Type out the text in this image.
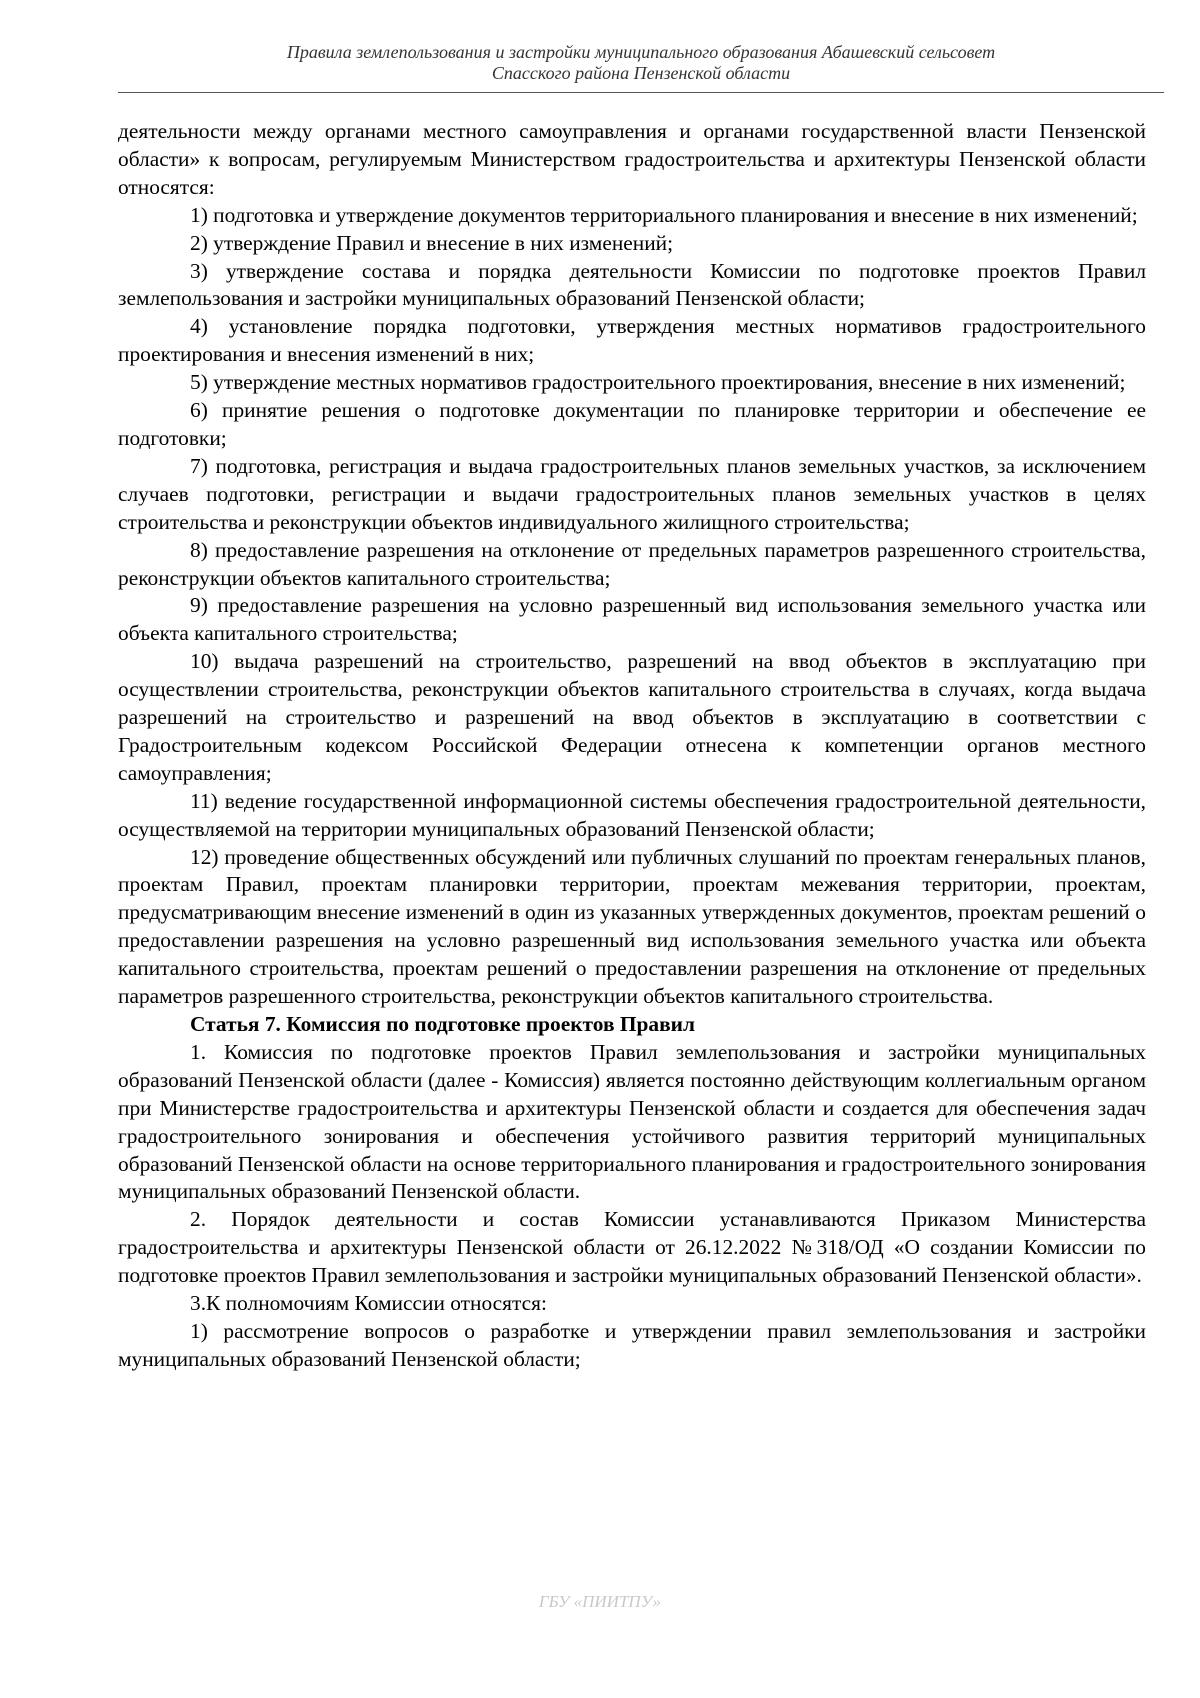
Правила землепользования и застройки муниципального образования Абашевский сельсовет
Спасского района Пензенской области

деятельности между органами местного самоуправления и органами государственной власти Пензенской области» к вопросам, регулируемым Министерством градостроительства и архитектуры Пензенской области относятся:

1) подготовка и утверждение документов территориального планирования и внесение в них изменений;

2) утверждение Правил и внесение в них изменений;

3) утверждение состава и порядка деятельности Комиссии по подготовке проектов Правил землепользования и застройки муниципальных образований Пензенской области;

4) установление порядка подготовки, утверждения местных нормативов градостроительного проектирования и внесения изменений в них;

5) утверждение местных нормативов градостроительного проектирования, внесение в них изменений;

6) принятие решения о подготовке документации по планировке территории и обеспечение ее подготовки;

7) подготовка, регистрация и выдача градостроительных планов земельных участков, за исключением случаев подготовки, регистрации и выдачи градостроительных планов земельных участков в целях строительства и реконструкции объектов индивидуального жилищного строительства;

8) предоставление разрешения на отклонение от предельных параметров разрешенного строительства, реконструкции объектов капитального строительства;

9) предоставление разрешения на условно разрешенный вид использования земельного участка или объекта капитального строительства;

10) выдача разрешений на строительство, разрешений на ввод объектов в эксплуатацию при осуществлении строительства, реконструкции объектов капитального строительства в случаях, когда выдача разрешений на строительство и разрешений на ввод объектов в эксплуатацию в соответствии с Градостроительным кодексом Российской Федерации отнесена к компетенции органов местного самоуправления;

11) ведение государственной информационной системы обеспечения градостроительной деятельности, осуществляемой на территории муниципальных образований Пензенской области;

12) проведение общественных обсуждений или публичных слушаний по проектам генеральных планов, проектам Правил, проектам планировки территории, проектам межевания территории, проектам, предусматривающим внесение изменений в один из указанных утвержденных документов, проектам решений о предоставлении разрешения на условно разрешенный вид использования земельного участка или объекта капитального строительства, проектам решений о предоставлении разрешения на отклонение от предельных параметров разрешенного строительства, реконструкции объектов капитального строительства.

Статья 7. Комиссия по подготовке проектов Правил

1. Комиссия по подготовке проектов Правил землепользования и застройки муниципальных образований Пензенской области (далее - Комиссия) является постоянно действующим коллегиальным органом при Министерстве градостроительства и архитектуры Пензенской области и создается для обеспечения задач градостроительного зонирования и обеспечения устойчивого развития территорий муниципальных образований Пензенской области на основе территориального планирования и градостроительного зонирования муниципальных образований Пензенской области.

2. Порядок деятельности и состав Комиссии устанавливаются Приказом Министерства градостроительства и архитектуры Пензенской области от 26.12.2022 №318/ОД «О создании Комиссии по подготовке проектов Правил землепользования и застройки муниципальных образований Пензенской области».

3.К полномочиям Комиссии относятся:

1) рассмотрение вопросов о разработке и утверждении правил землепользования и застройки муниципальных образований Пензенской области;

ГБУ «ПИИТПУ»
